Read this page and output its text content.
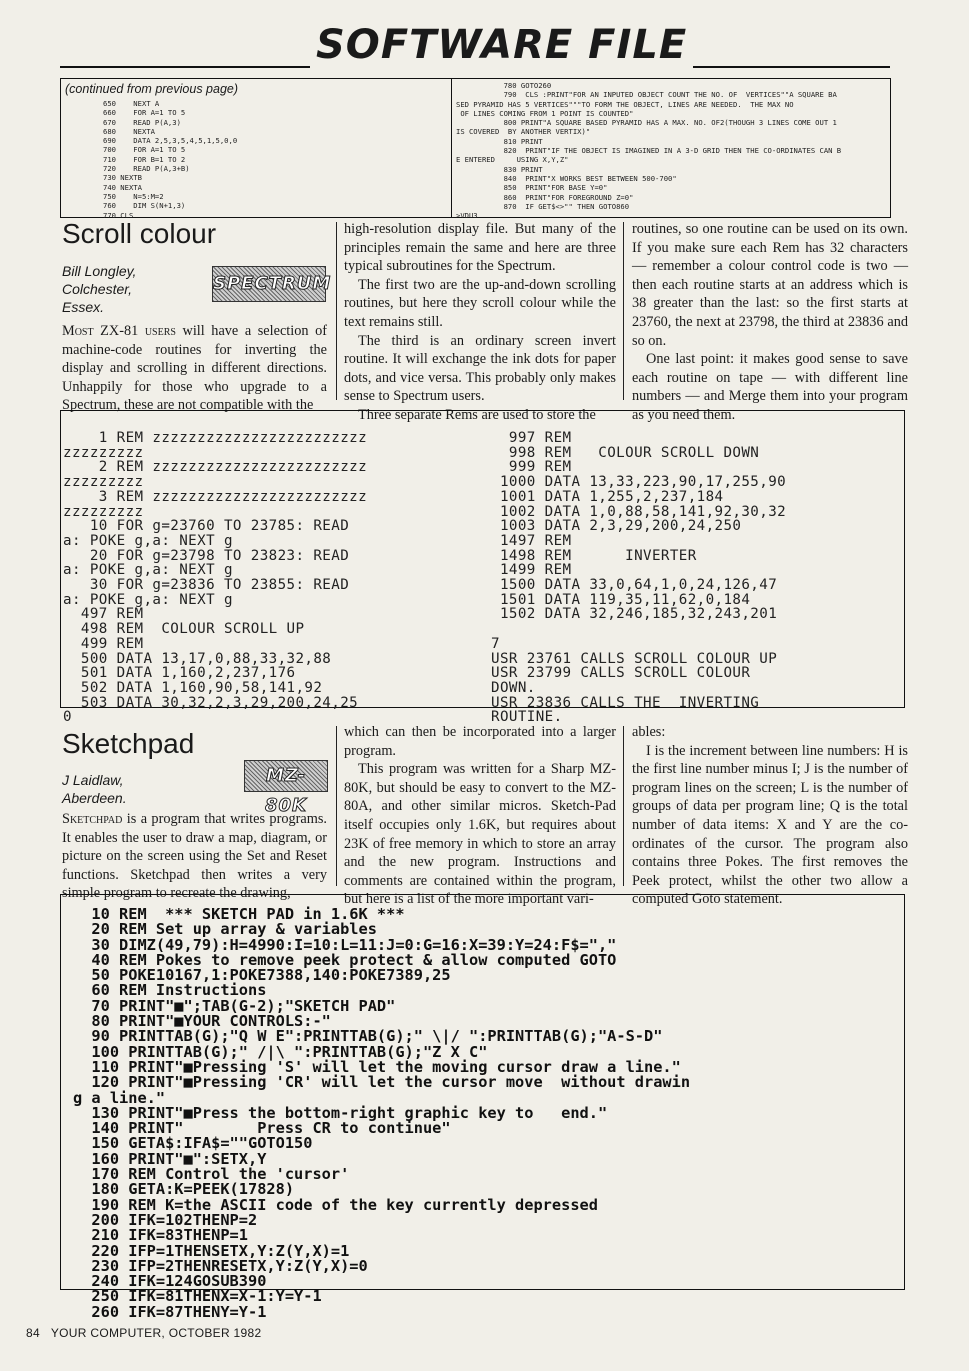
SOFTWARE FILE
(continued from previous page)
650    NEXT A
660    FOR A=1 TO 5
670    READ P(A,3)
680    NEXTA
690    DATA 2,5,3,5,4,5,1,5,0,0
700    FOR A=1 TO 5
710    FOR B=1 TO 2
720    READ P(A,3+B)
730 NEXTB
740 NEXTA
750    N=5:M=2
760    DIM S(N+1,3)
770 CLS
780 GOTO260
790  CLS :PRINT"FOR AN INPUTED OBJECT COUNT THE NO. OF  VERTICES""A SQUARE BA
SED PYRAMID HAS 5 VERTICES"""TO FORM THE OBJECT, LINES ARE NEEDED.  THE MAX NO
OF LINES COMING FROM 1 POINT IS COUNTED"
800 PRINT"A SQUARE BASED PYRAMID HAS A MAX. NO. OF2(THOUGH 3 LINES COME OUT 1
IS COVERED  BY ANOTHER VERTIX)"
810 PRINT
820  PRINT"IF THE OBJECT IS IMAGINED IN A 3-D GRID THEN THE CO-ORDINATES CAN B
E ENTERED     USING X,Y,Z"
830 PRINT
840  PRINT"X WORKS BEST BETWEEN 500-700"
850  PRINT"FOR BASE Y=0"
860  PRINT"FOR FOREGROUND Z=0"
870  IF GET$<>"" THEN GOTO860
>VDU3
Scroll colour
Bill Longley,
Colchester,
Essex.
SPECTRUM

Most ZX-81 users will have a selection of machine-code routines for inverting the display and scrolling in different directions. Unhappily for those who upgrade to a Spectrum, these are not compatible with the

high-resolution display file. But many of the principles remain the same and here are three typical subroutines for the Spectrum.

The first two are the up-and-down scrolling routines, but here they scroll colour while the text remains still.

The third is an ordinary screen invert routine. It will exchange the ink dots for paper dots, and vice versa. This probably only makes sense to Spectrum users.

Three separate Rems are used to store the

routines, so one routine can be used on its own. If you make sure each Rem has 32 characters — remember a colour control code is two — then each routine starts at an address which is 38 greater than the last: so the first starts at 23760, the next at 23798, the third at 23836 and so on.

One last point: it makes good sense to save each routine on tape — with different line numbers — and Merge them into your program as you need them.

1 REM zzzzzzzzzzzzzzzzzzzzzzzz
zzzzzzzzz
2 REM zzzzzzzzzzzzzzzzzzzzzzzz
zzzzzzzzz
3 REM zzzzzzzzzzzzzzzzzzzzzzzz
zzzzzzzzz
10 FOR g=23760 TO 23785: READ
a: POKE g,a: NEXT g
20 FOR g=23798 TO 23823: READ
a: POKE g,a: NEXT g
30 FOR g=23836 TO 23855: READ
a: POKE g,a: NEXT g
497 REM
498 REM  COLOUR SCROLL UP
499 REM
500 DATA 13,17,0,88,33,32,88
501 DATA 1,160,2,237,176
502 DATA 1,160,90,58,141,92
503 DATA 30,32,2,3,29,200,24,25
0
997 REM
998 REM   COLOUR SCROLL DOWN
999 REM
1000 DATA 13,33,223,90,17,255,90
1001 DATA 1,255,2,237,184
1002 DATA 1,0,88,58,141,92,30,32
1003 DATA 2,3,29,200,24,250
1497 REM
1498 REM      INVERTER
1499 REM
1500 DATA 33,0,64,1,0,24,126,47
1501 DATA 119,35,11,62,0,184
1502 DATA 32,246,185,32,243,201

7
USR 23761 CALLS SCROLL COLOUR UP
USR 23799 CALLS SCROLL COLOUR
DOWN.
USR 23836 CALLS THE  INVERTING
ROUTINE.
Sketchpad
J Laidlaw,
Aberdeen.
MZ-80K

Sketchpad is a program that writes programs. It enables the user to draw a map, diagram, or picture on the screen using the Set and Reset functions. Sketchpad then writes a very simple program to recreate the drawing,

which can then be incorporated into a larger program.

This program was written for a Sharp MZ-80K, but should be easy to convert to the MZ-80A, and other similar micros. Sketch-Pad itself occupies only 1.6K, but requires about 23K of free memory in which to store an array and the new program. Instructions and comments are contained within the program, but here is a list of the more important vari-

ables:

I is the increment between line numbers: H is the first line number minus I; J is the number of program lines on the screen; L is the number of groups of data per program line; Q is the total number of data items: X and Y are the co-ordinates of the cursor. The program also contains three Pokes. The first removes the Peek protect, whilst the other two allow a computed Goto statement.

10 REM  *** SKETCH PAD in 1.6K ***
20 REM Set up array & variables
30 DIMZ(49,79):H=4990:I=10:L=11:J=0:G=16:X=39:Y=24:F$=","
40 REM Pokes to remove peek protect & allow computed GOTO
50 POKE10167,1:POKE7388,140:POKE7389,25
60 REM Instructions
70 PRINT"■";TAB(G-2);"SKETCH PAD"
80 PRINT"■YOUR CONTROLS:-"
90 PRINTTAB(G);"Q W E":PRINTTAB(G);" \|/ ":PRINTTAB(G);"A-S-D"
100 PRINTTAB(G);" /|\ ":PRINTTAB(G);"Z X C"
110 PRINT"■Pressing 'S' will let the moving cursor draw a line."
120 PRINT"■Pressing 'CR' will let the cursor move  without drawin
g a line."
130 PRINT"■Press the bottom-right graphic key to   end."
140 PRINT"        Press CR to continue"
150 GETA$:IFA$=""GOTO150
160 PRINT"■":SETX,Y
170 REM Control the 'cursor'
180 GETA:K=PEEK(17828)
190 REM K=the ASCII code of the key currently depressed
200 IFK=102THENP=2
210 IFK=83THENP=1
220 IFP=1THENSETX,Y:Z(Y,X)=1
230 IFP=2THENRESETX,Y:Z(Y,X)=0
240 IFK=124GOSUB390
250 IFK=81THENX=X-1:Y=Y-1
260 IFK=87THENY=Y-1
84 YOUR COMPUTER, OCTOBER 1982
